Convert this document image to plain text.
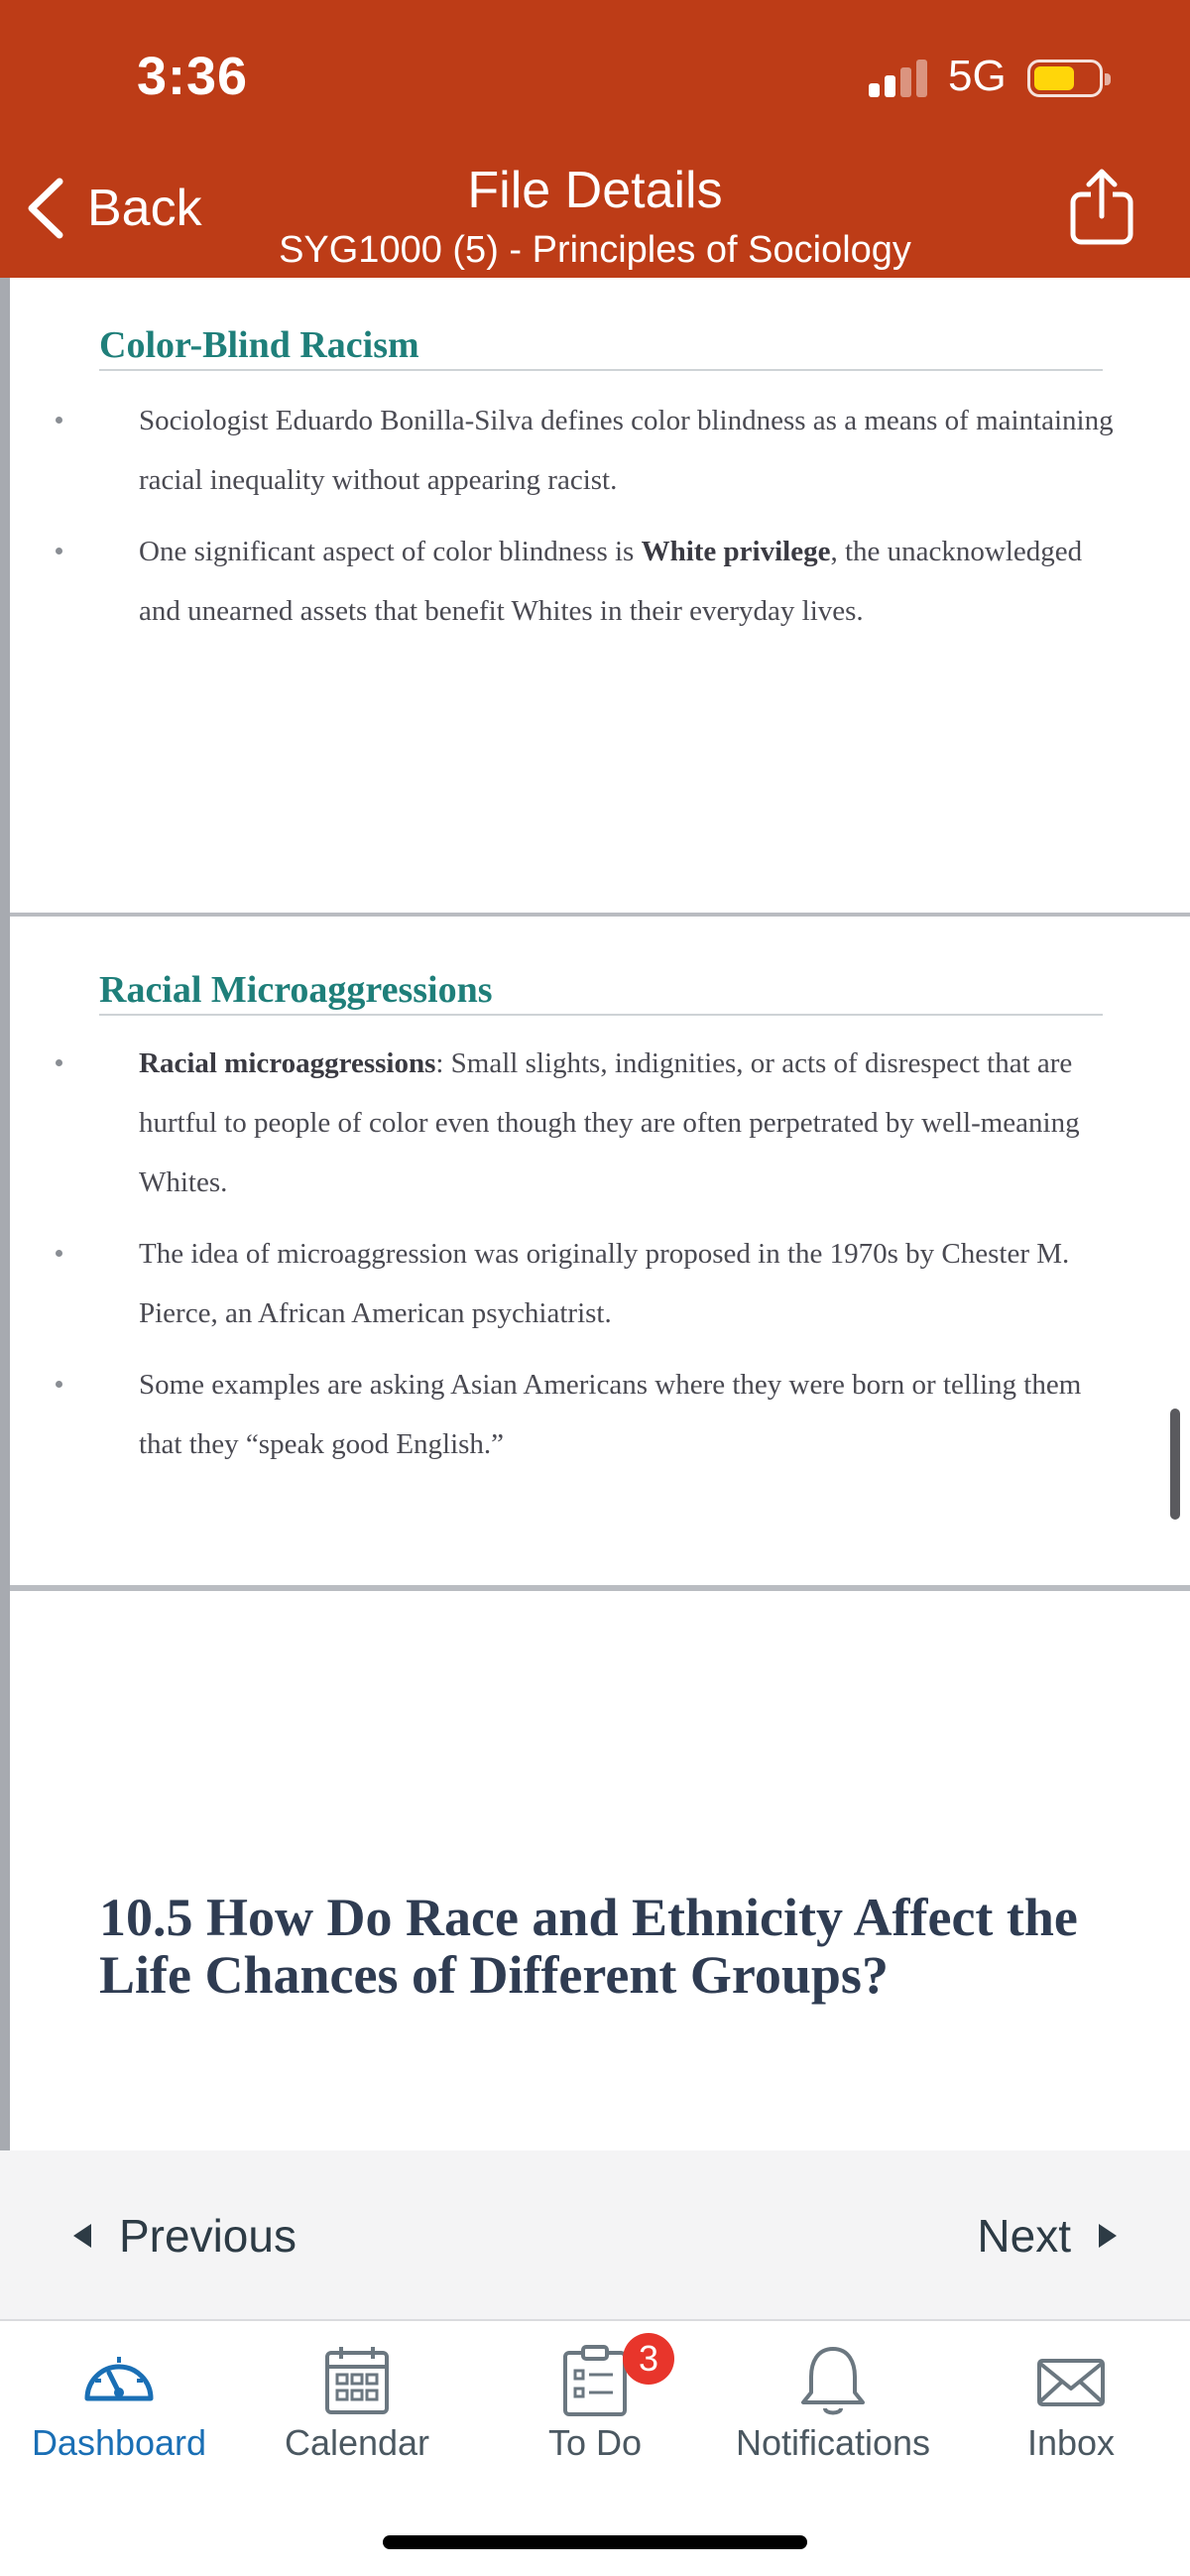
3:36	5G
Back	File Details
SYG1000 (5) - Principles of Sociology
Color-Blind Racism
Sociologist Eduardo Bonilla-Silva defines color blindness as a means of maintaining racial inequality without appearing racist.
One significant aspect of color blindness is White privilege, the unacknowledged and unearned assets that benefit Whites in their everyday lives.
Racial Microaggressions
Racial microaggressions: Small slights, indignities, or acts of disrespect that are hurtful to people of color even though they are often perpetrated by well-meaning Whites.
The idea of microaggression was originally proposed in the 1970s by Chester M. Pierce, an African American psychiatrist.
Some examples are asking Asian Americans where they were born or telling them that they “speak good English.”
10.5 How Do Race and Ethnicity Affect the Life Chances of Different Groups?
Previous	Next
Dashboard	Calendar	To Do
3
Notifications	Inbox
